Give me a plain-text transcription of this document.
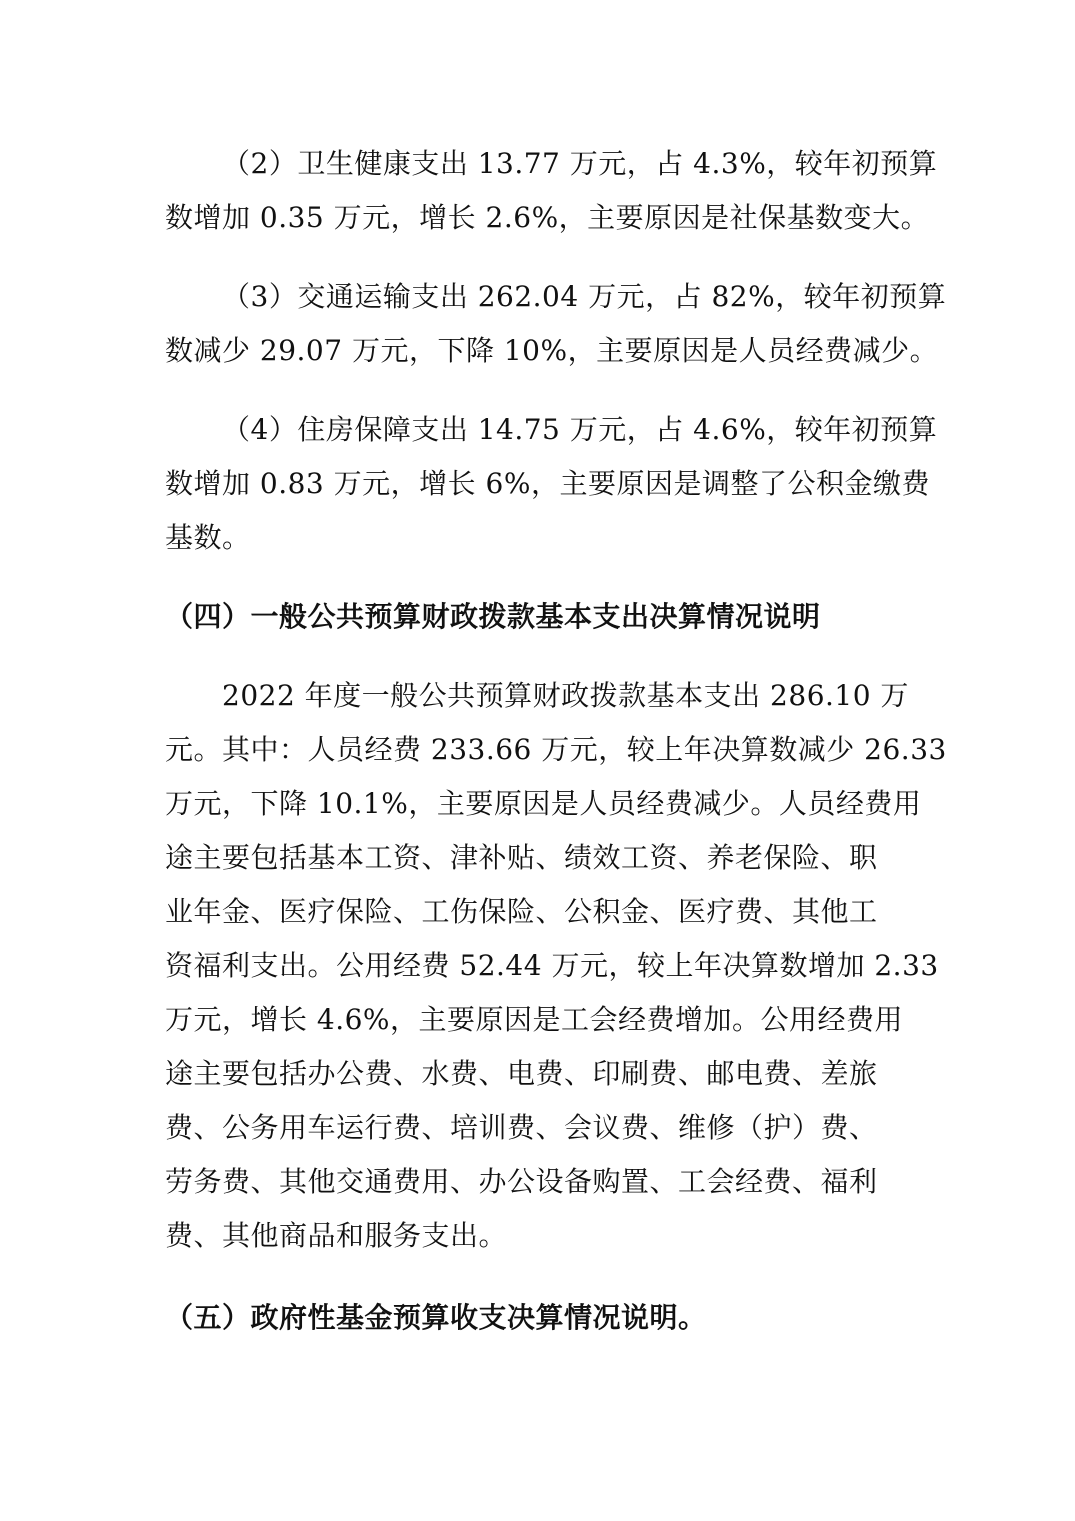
（2）卫生健康支出 13.77 万元，占 4.3%，较年初预算
数增加 0.35 万元，增长 2.6%，主要原因是社保基数变大。
（3）交通运输支出 262.04 万元，占 82%，较年初预算
数减少 29.07 万元，下降 10%，主要原因是人员经费减少。
（4）住房保障支出 14.75 万元，占 4.6%，较年初预算
数增加 0.83 万元，增长 6%，主要原因是调整了公积金缴费
基数。
（四）一般公共预算财政拨款基本支出决算情况说明
2022 年度一般公共预算财政拨款基本支出 286.10 万
元。其中：人员经费 233.66 万元，较上年决算数减少 26.33
万元，下降 10.1%，主要原因是人员经费减少。人员经费用
途主要包括基本工资、津补贴、绩效工资、养老保险、职
业年金、医疗保险、工伤保险、公积金、医疗费、其他工
资福利支出。公用经费 52.44 万元，较上年决算数增加 2.33
万元，增长 4.6%，主要原因是工会经费增加。公用经费用
途主要包括办公费、水费、电费、印刷费、邮电费、差旅
费、公务用车运行费、培训费、会议费、维修（护）费、
劳务费、其他交通费用、办公设备购置、工会经费、福利
费、其他商品和服务支出。
（五）政府性基金预算收支决算情况说明。
